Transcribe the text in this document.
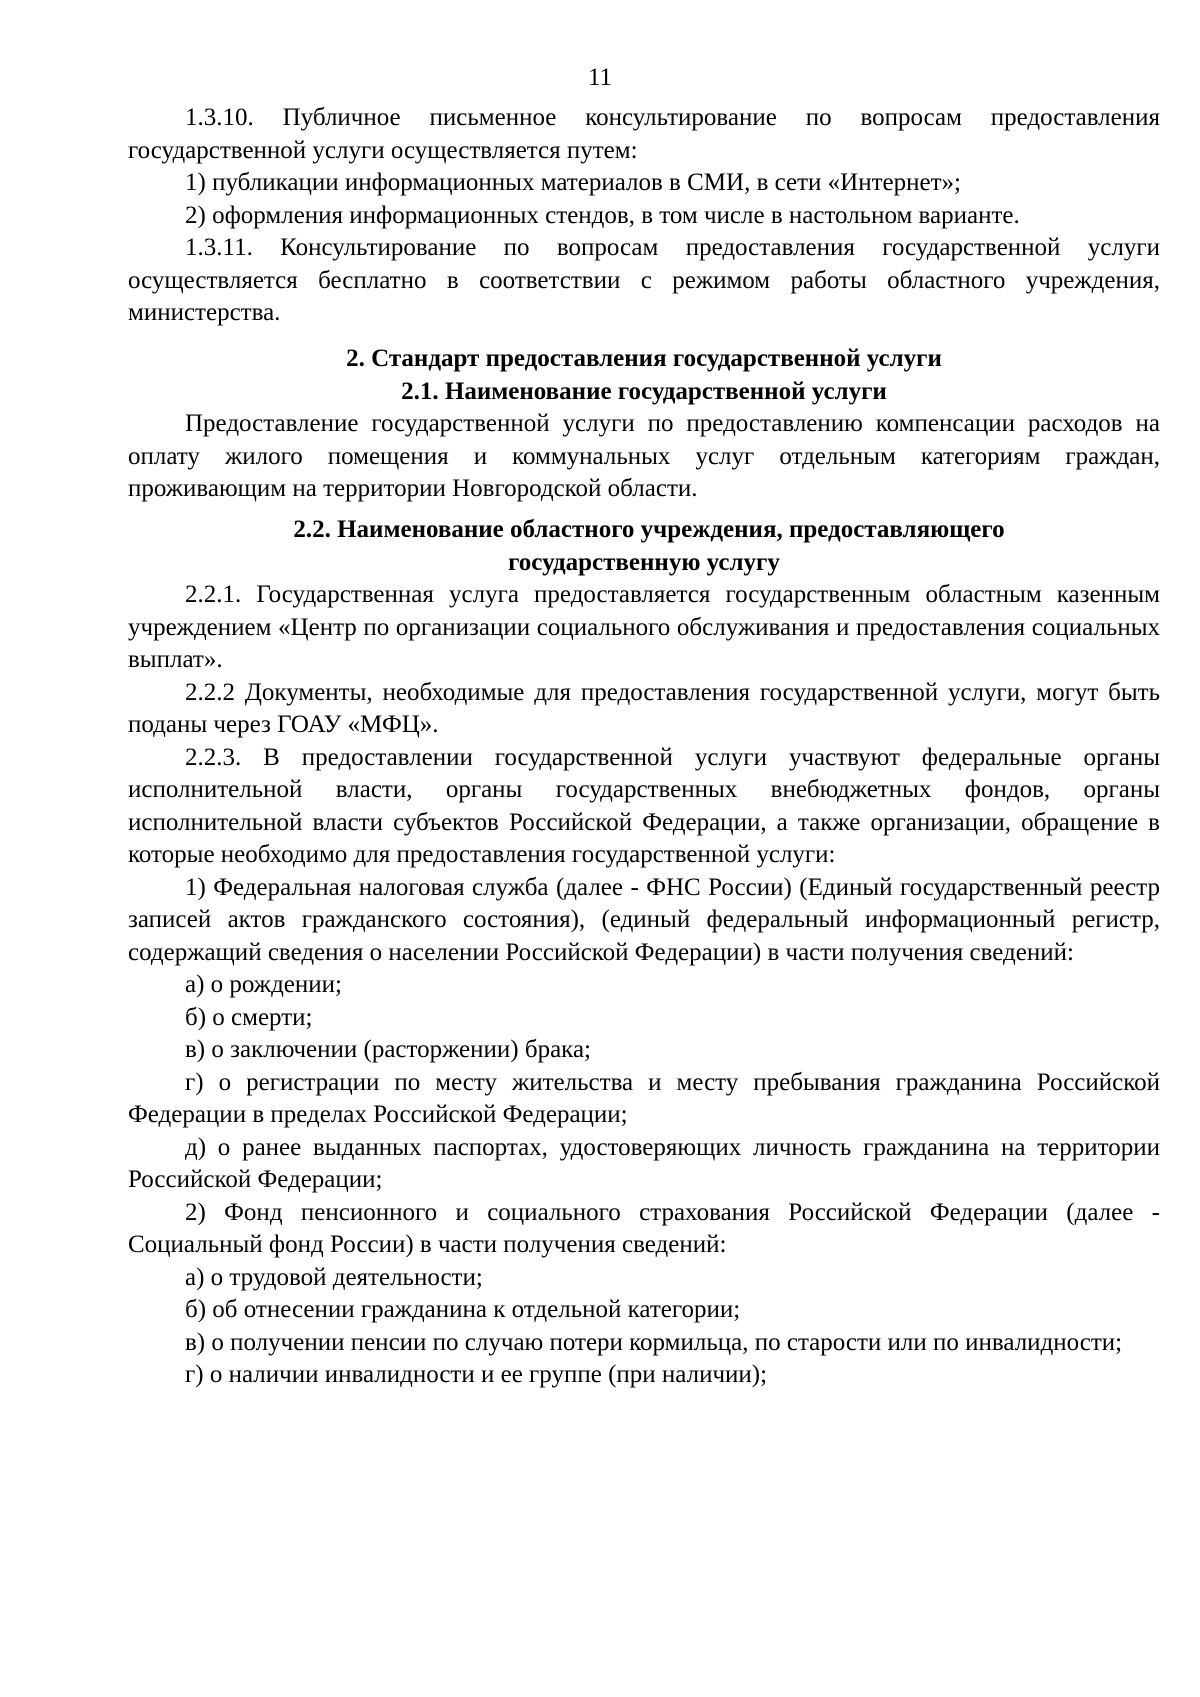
11

1.3.10. Публичное письменное консультирование по вопросам предоставления государственной услуги осуществляется путем:

1) публикации информационных материалов в СМИ, в сети «Интернет»;

2) оформления информационных стендов, в том числе в настольном варианте.

1.3.11. Консультирование по вопросам предоставления государственной услуги осуществляется бесплатно в соответствии с режимом работы областного учреждения, министерства.

2. Стандарт предоставления государственной услуги

2.1. Наименование государственной услуги

Предоставление государственной услуги по предоставлению компенсации расходов на оплату жилого помещения и коммунальных услуг отдельным категориям граждан, проживающим на территории Новгородской области.

2.2. Наименование областного учреждения, предоставляющего

государственную услугу

2.2.1. Государственная услуга предоставляется государственным областным казенным учреждением «Центр по организации социального обслуживания и предоставления социальных выплат».

2.2.2 Документы, необходимые для предоставления государственной услуги, могут быть поданы через ГОАУ «МФЦ».

2.2.3. В предоставлении государственной услуги участвуют федеральные органы исполнительной власти, органы государственных внебюджетных фондов, органы исполнительной власти субъектов Российской Федерации, а также организации, обращение в которые необходимо для предоставления государственной услуги:

1) Федеральная налоговая служба (далее - ФНС России) (Единый государственный реестр записей актов гражданского состояния), (единый федеральный информационный регистр, содержащий сведения о населении Российской Федерации) в части получения сведений:

а) о рождении;

б) о смерти;

в) о заключении (расторжении) брака;

г) о регистрации по месту жительства и месту пребывания гражданина Российской Федерации в пределах Российской Федерации;

д) о ранее выданных паспортах, удостоверяющих личность гражданина на территории Российской Федерации;

2) Фонд пенсионного и социального страхования Российской Федерации (далее - Социальный фонд России) в части получения сведений:

а) о трудовой деятельности;

б) об отнесении гражданина к отдельной категории;

в) о получении пенсии по случаю потери кормильца, по старости или по инвалидности;

г) о наличии инвалидности и ее группе (при наличии);
